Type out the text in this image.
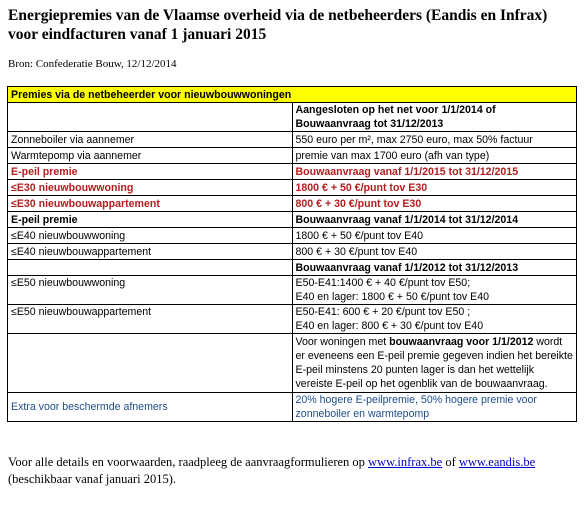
Energiepremies van de Vlaamse overheid via de netbeheerders (Eandis en Infrax) voor eindfacturen vanaf 1 januari 2015
Bron: Confederatie Bouw, 12/12/2014
Premies via de netbeheerder voor nieuwbouwwoningen	
	Aangesloten op het net voor 1/1/2014 of Bouwaanvraag tot 31/12/2013
Zonneboiler via aannemer	550 euro per m², max 2750 euro, max 50% factuur
Warmtepomp via aannemer	premie van max 1700 euro (afh van type)
E-peil premie	Bouwaanvraag vanaf 1/1/2015 tot 31/12/2015
≤E30 nieuwbouwwoning	1800 € + 50 €/punt tov E30
≤E30 nieuwbouwappartement	800 € + 30 €/punt tov E30
E-peil premie	Bouwaanvraag vanaf 1/1/2014 tot 31/12/2014
≤E40 nieuwbouwwoning	1800 € + 50 €/punt tov E40
≤E40 nieuwbouwappartement	800 € + 30 €/punt tov E40
	Bouwaanvraag vanaf 1/1/2012 tot 31/12/2013
≤E50 nieuwbouwwoning	E50-E41:1400 € + 40 €/punt tov E50;
E40 en lager: 1800 € + 50 €/punt tov E40

≤E50 nieuwbouwappartement	E50-E41: 600 € + 20 €/punt tov E50 ;
E40 en lager: 800 € + 30 €/punt tov E40

	Voor woningen met bouwaanvraag voor 1/1/2012 wordt er eveneens een E-peil premie gegeven indien het bereikte E-peil minstens 20 punten lager is dan het wettelijk vereiste E-peil op het ogenblik van de bouwaanvraag.
Extra voor beschermde afnemers	20% hogere E-peilpremie, 50% hogere premie voor zonneboiler en warmtepomp
Voor alle details en voorwaarden, raadpleeg de aanvraagformulieren op www.infrax.be of www.eandis.be (beschikbaar vanaf januari 2015).
